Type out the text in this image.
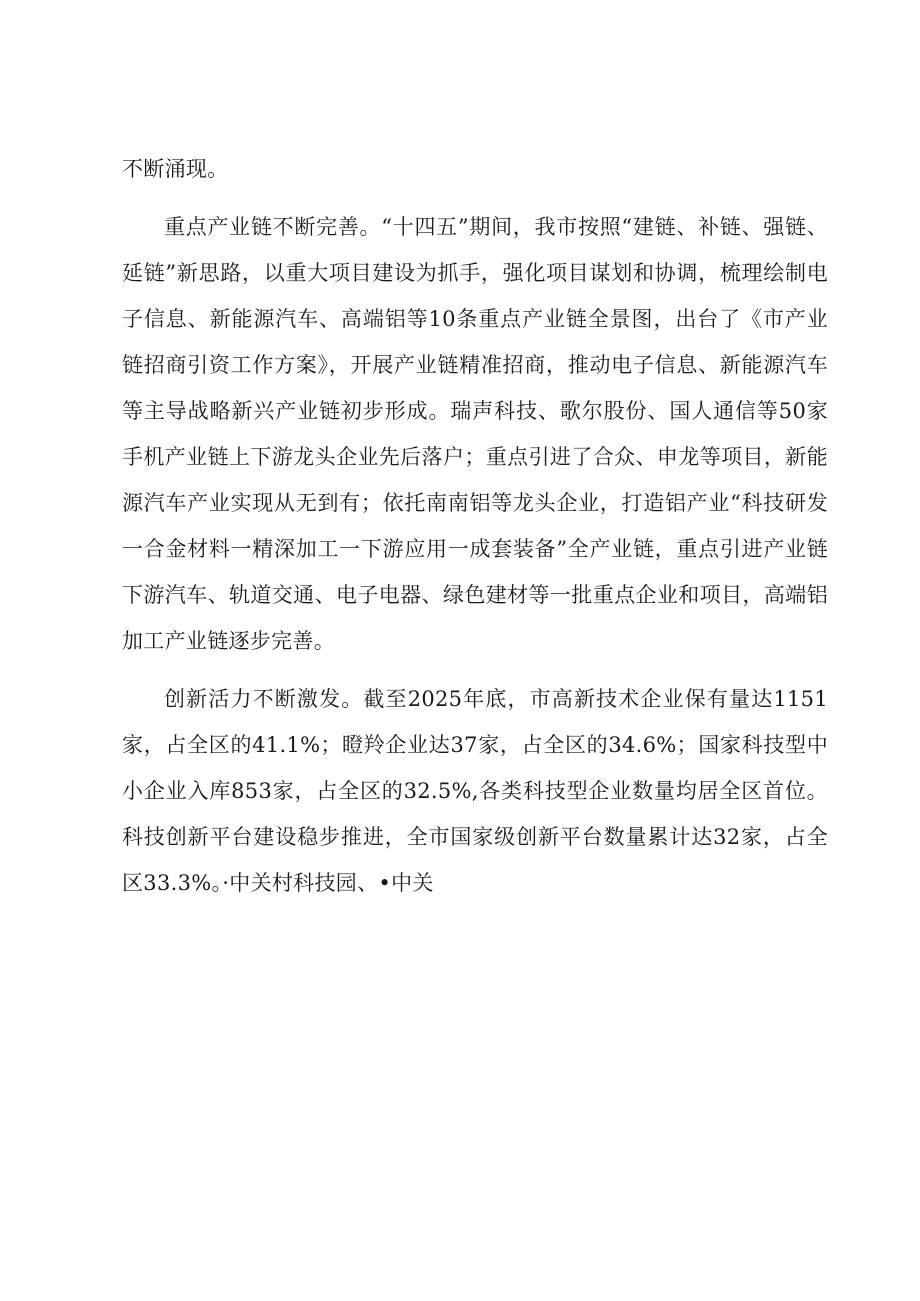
不断涌现。

重点产业链不断完善。“十四五”期间，我市按照“建链、补链、强链、延链”新思路，以重大项目建设为抓手，强化项目谋划和协调，梳理绘制电子信息、新能源汽车、高端铝等10条重点产业链全景图，出台了《市产业链招商引资工作方案》，开展产业链精准招商，推动电子信息、新能源汽车等主导战略新兴产业链初步形成。瑞声科技、歌尔股份、国人通信等50家手机产业链上下游龙头企业先后落户；重点引进了合众、申龙等项目，新能源汽车产业实现从无到有；依托南南铝等龙头企业，打造铝产业“科技研发一合金材料一精深加工一下游应用一成套装备”全产业链，重点引进产业链下游汽车、轨道交通、电子电器、绿色建材等一批重点企业和项目，高端铝加工产业链逐步完善。

创新活力不断激发。截至2025年底，市高新技术企业保有量达1151家，占全区的41.1%；瞪羚企业达37家，占全区的34.6%；国家科技型中小企业入库853家，占全区的32.5%,各类科技型企业数量均居全区首位。科技创新平台建设稳步推进，全市国家级创新平台数量累计达32家，占全区33.3%。·中关村科技园、•中关
